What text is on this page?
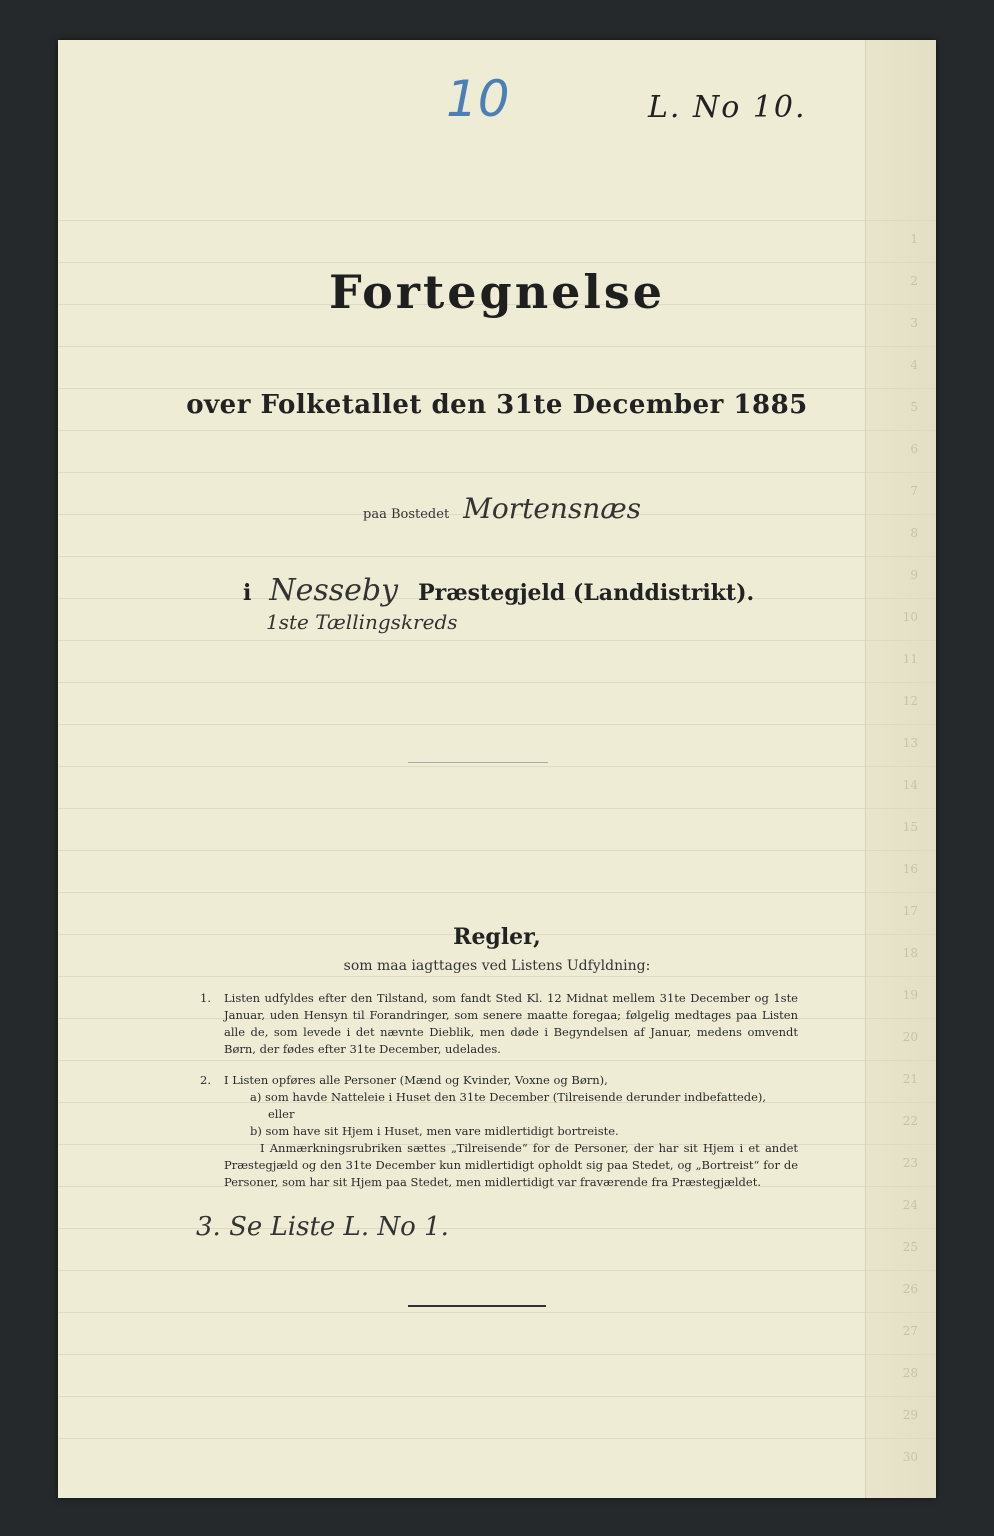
10	L. No 10.
Fortegnelse
over Folketallet den 31te December 1885
paa Bostedet Mortensnæs
i Nesseby Præstegjeld (Landdistrikt).
1ste Tællingskreds
Regler,
som maa iagttages ved Listens Udfyldning:
1.	Listen udfyldes efter den Tilstand, som fandt Sted Kl. 12 Midnat mellem 31te December og 1ste Januar, uden Hensyn til Forandringer, som senere maatte foregaa; følgelig medtages paa Listen alle de, som levede i det nævnte Dieblik, men døde i Begyndelsen af Januar, medens omvendt Børn, der fødes efter 31te December, udelades.
2.	I Listen opføres alle Personer (Mænd og Kvinder, Voxne og Børn),
a) som havde Natteleie i Huset den 31te December (Tilreisende derunder indbefattede),
eller
b) som have sit Hjem i Huset, men vare midlertidigt bortreiste.
I Anmærkningsrubriken sættes „Tilreisende“ for de Personer, der har sit Hjem i et andet Præstegjæld og den 31te December kun midlertidigt opholdt sig paa Stedet, og „Bortreist“ for de Personer, som har sit Hjem paa Stedet, men midlertidigt var fraværende fra Præstegjældet.
3. Se Liste L. No 1.
1
2
3
4
5
6
7
8
9
10
11
12
13
14
15
16
17
18
19
20
21
22
23
24
25
26
27
28
29
30
